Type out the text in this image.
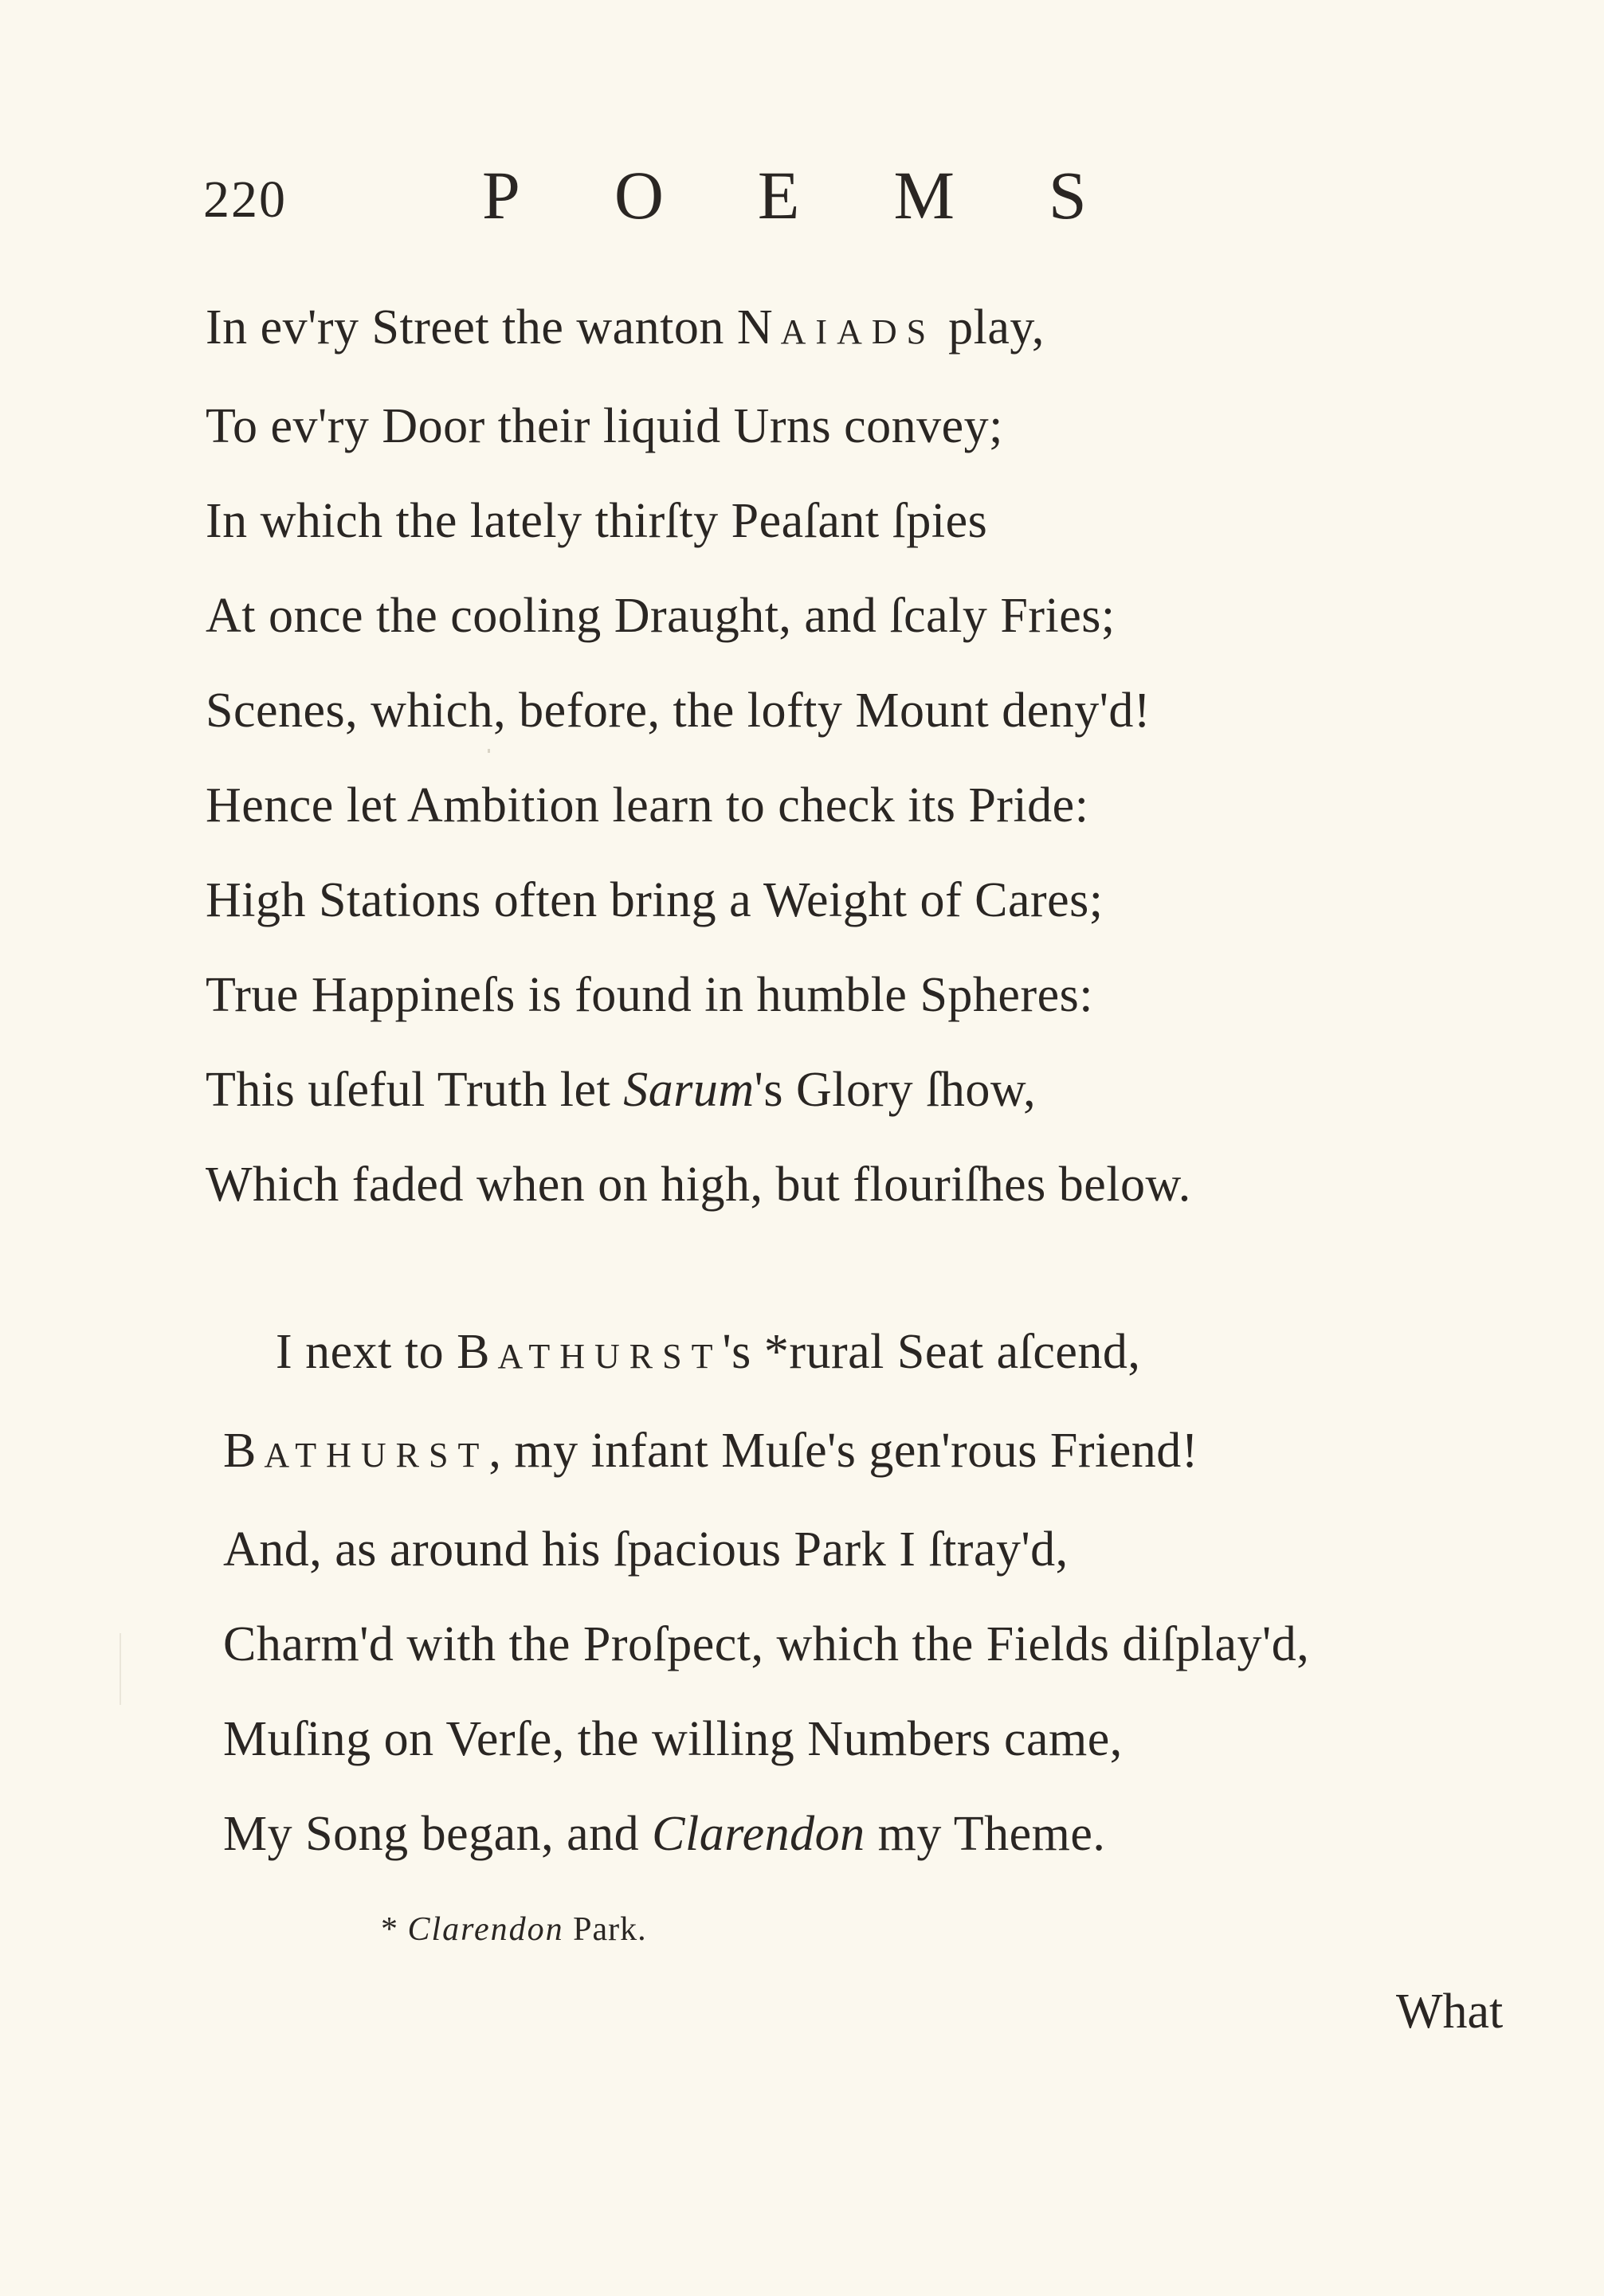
220	POEMS
In ev'ry Street the wanton NAIADS play,
To ev'ry Door their liquid Urns convey;
In which the lately thirſty Peaſant ſpies
At once the cooling Draught, and ſcaly Fries;
Scenes, which, before, the lofty Mount deny'd!
Hence let Ambition learn to check its Pride:
High Stations often bring a Weight of Cares;
True Happineſs is found in humble Spheres:
This uſeful Truth let Sarum's Glory ſhow,
Which faded when on high, but flouriſhes below.
I next to BATHURST's *rural Seat aſcend,
BATHURST, my infant Muſe's gen'rous Friend!
And, as around his ſpacious Park I ſtray'd,
Charm'd with the Proſpect, which the Fields diſplay'd,
Muſing on Verſe, the willing Numbers came,
My Song began, and Clarendon my Theme.
* Clarendon Park.
What
